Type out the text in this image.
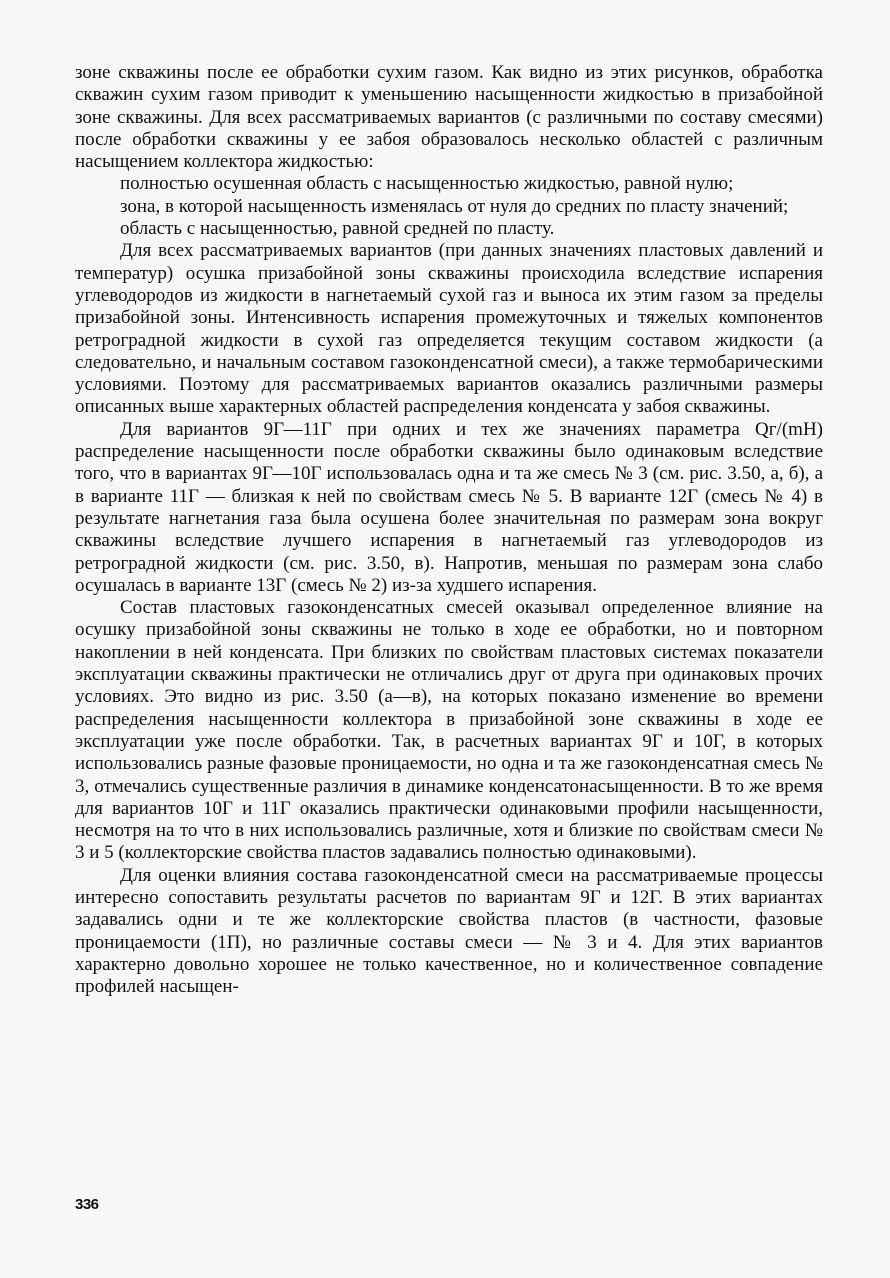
зоне скважины после ее обработки сухим газом. Как видно из этих рисунков, обработка скважин сухим газом приводит к уменьшению насыщенности жидкостью в призабойной зоне скважины. Для всех рассматриваемых вариантов (с различными по составу смесями) после обработки скважины у ее забоя образовалось несколько областей с различным насыщением коллектора жидкостью:

полностью осушенная область с насыщенностью жидкостью, равной нулю;

зона, в которой насыщенность изменялась от нуля до средних по пласту значений;

область с насыщенностью, равной средней по пласту.

Для всех рассматриваемых вариантов (при данных значениях пластовых давлений и температур) осушка призабойной зоны скважины происходила вследствие испарения углеводородов из жидкости в нагнетаемый сухой газ и выноса их этим газом за пределы призабойной зоны. Интенсивность испарения промежуточных и тяжелых компонентов ретроградной жидкости в сухой газ определяется текущим составом жидкости (а следовательно, и начальным составом газоконденсатной смеси), а также термобарическими условиями. Поэтому для рассматриваемых вариантов оказались различными размеры описанных выше характерных областей распределения конденсата у забоя скважины.

Для вариантов 9Г—11Г при одних и тех же значениях параметра Qг/(mH) распределение насыщенности после обработки скважины было одинаковым вследствие того, что в вариантах 9Г—10Г использовалась одна и та же смесь № 3 (см. рис. 3.50, а, б), а в варианте 11Г — близкая к ней по свойствам смесь № 5. В варианте 12Г (смесь № 4) в результате нагнетания газа была осушена более значительная по размерам зона вокруг скважины вследствие лучшего испарения в нагнетаемый газ углеводородов из ретроградной жидкости (см. рис. 3.50, в). Напротив, меньшая по размерам зона слабо осушалась в варианте 13Г (смесь № 2) из-за худшего испарения.

Состав пластовых газоконденсатных смесей оказывал определенное влияние на осушку призабойной зоны скважины не только в ходе ее обработки, но и повторном накоплении в ней конденсата. При близких по свойствам пластовых системах показатели эксплуатации скважины практически не отличались друг от друга при одинаковых прочих условиях. Это видно из рис. 3.50 (а—в), на которых показано изменение во времени распределения насыщенности коллектора в призабойной зоне скважины в ходе ее эксплуатации уже после обработки. Так, в расчетных вариантах 9Г и 10Г, в которых использовались разные фазовые проницаемости, но одна и та же газоконденсатная смесь № 3, отмечались существенные различия в динамике конденсатонасыщенности. В то же время для вариантов 10Г и 11Г оказались практически одинаковыми профили насыщенности, несмотря на то что в них использовались различные, хотя и близкие по свойствам смеси № 3 и 5 (коллекторские свойства пластов задавались полностью одинаковыми).

Для оценки влияния состава газоконденсатной смеси на рассматриваемые процессы интересно сопоставить результаты расчетов по вариантам 9Г и 12Г. В этих вариантах задавались одни и те же коллекторские свойства пластов (в частности, фазовые проницаемости (1П), но различные составы смеси — № 3 и 4. Для этих вариантов характерно довольно хорошее не только качественное, но и количественное совпадение профилей насыщен-

336
